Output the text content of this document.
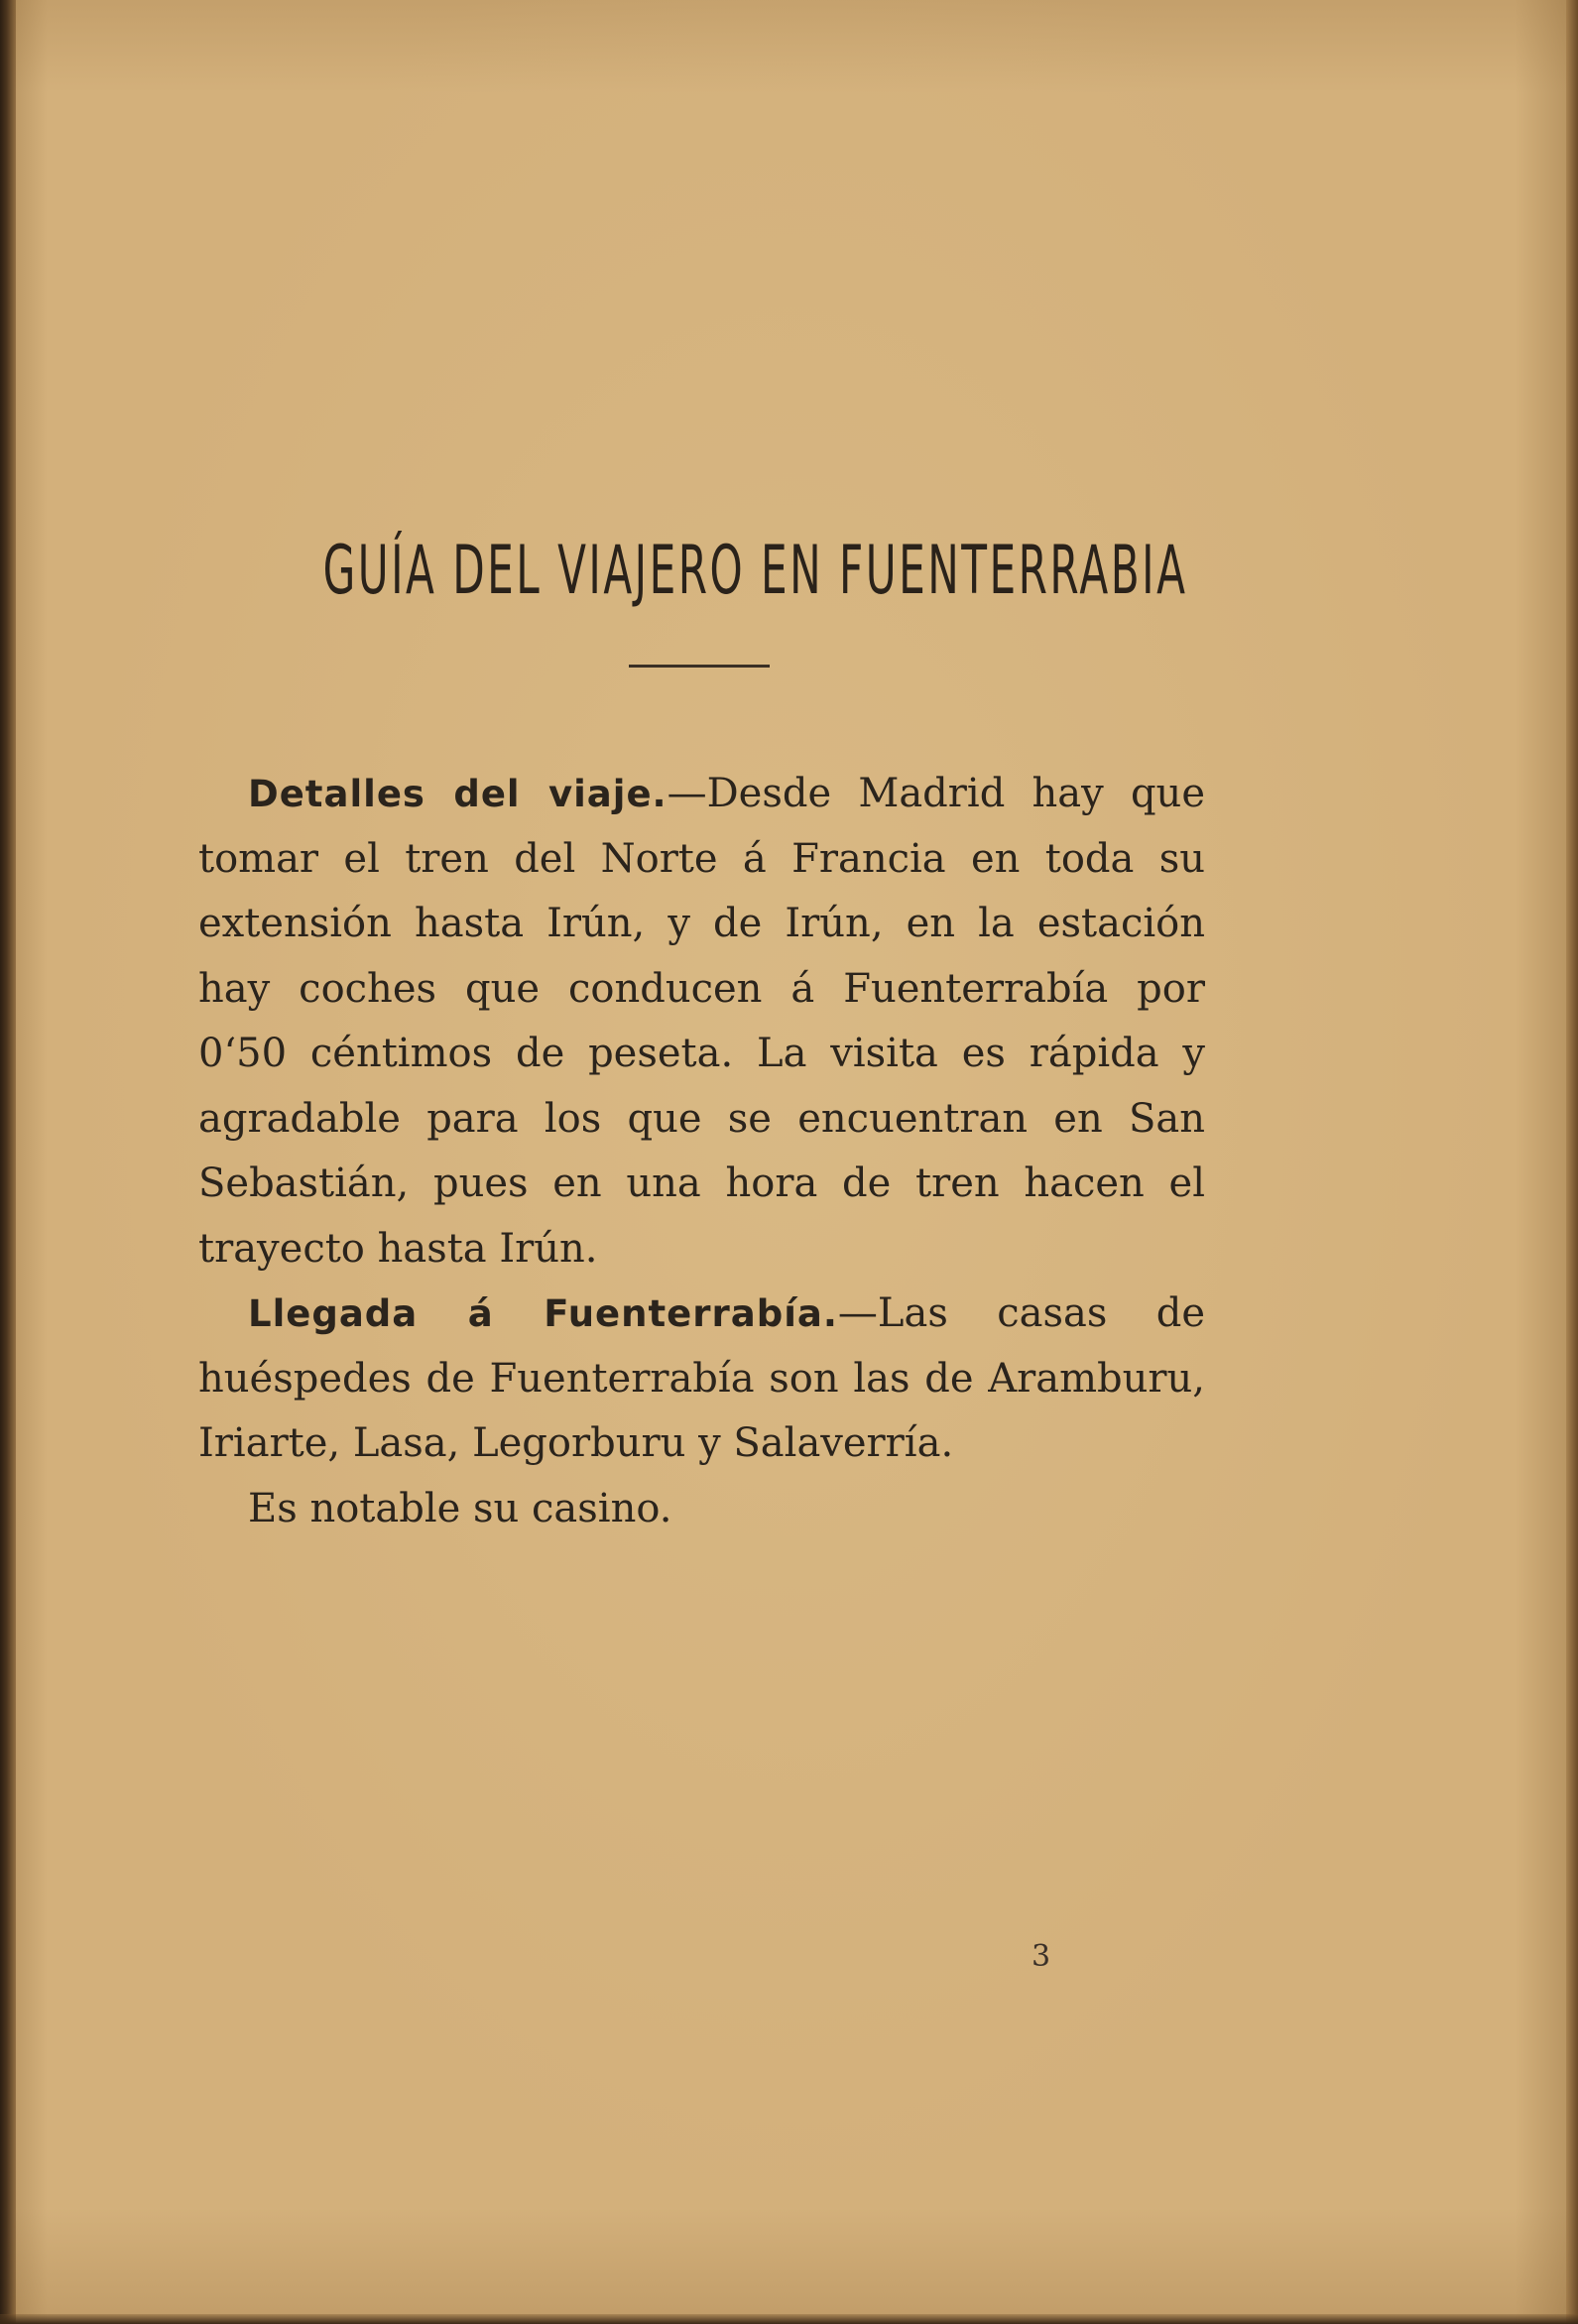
GUÍA DEL VIAJERO EN FUENTERRABIA

Detalles del viaje.—Desde Madrid hay que tomar el tren del Norte á Francia en toda su extensión hasta Irún, y de Irún, en la estación hay coches que conducen á Fuenterrabía por 0‘50 céntimos de peseta. La visita es rápida y agradable para los que se encuentran en San Sebastián, pues en una hora de tren hacen el trayecto hasta Irún.

Llegada á Fuenterrabía.—Las casas de huéspedes de Fuenterrabía son las de Aramburu, Iriarte, Lasa, Legorburu y Salaverría.

Es notable su casino.

3
